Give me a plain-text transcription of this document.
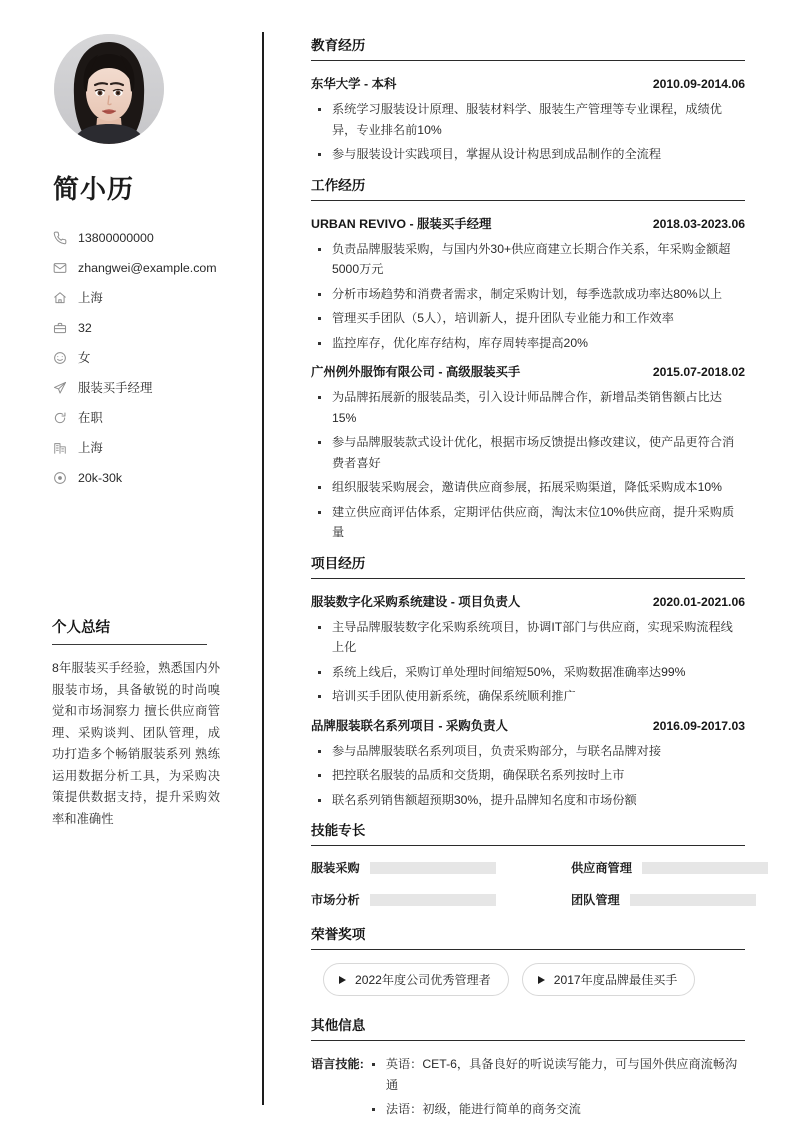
简小历
13800000000
zhangwei@example.com
上海
32
女
服装买手经理
在职
上海
20k-30k
个人总结

8年服装买手经验，熟悉国内外服装市场，具备敏锐的时尚嗅觉和市场洞察力 擅长供应商管理、采购谈判、团队管理，成功打造多个畅销服装系列 熟练运用数据分析工具，为采购决策提供数据支持，提升采购效率和准确性

教育经历
东华大学 - 本科	2010.09-2014.06
系统学习服装设计原理、服装材料学、服装生产管理等专业课程，成绩优异，专业排名前10%
参与服装设计实践项目，掌握从设计构思到成品制作的全流程
工作经历
URBAN REVIVO - 服装买手经理	2018.03-2023.06
负责品牌服装采购，与国内外30+供应商建立长期合作关系，年采购金额超5000万元
分析市场趋势和消费者需求，制定采购计划，每季选款成功率达80%以上
管理买手团队（5人），培训新人，提升团队专业能力和工作效率
监控库存，优化库存结构，库存周转率提高20%
广州例外服饰有限公司 - 高级服装买手	2015.07-2018.02
为品牌拓展新的服装品类，引入设计师品牌合作，新增品类销售额占比达15%
参与品牌服装款式设计优化，根据市场反馈提出修改建议，使产品更符合消费者喜好
组织服装采购展会，邀请供应商参展，拓展采购渠道，降低采购成本10%
建立供应商评估体系，定期评估供应商，淘汰末位10%供应商，提升采购质量
项目经历
服装数字化采购系统建设 - 项目负责人	2020.01-2021.06
主导品牌服装数字化采购系统项目，协调IT部门与供应商，实现采购流程线上化
系统上线后，采购订单处理时间缩短50%，采购数据准确率达99%
培训买手团队使用新系统，确保系统顺利推广
品牌服装联名系列项目 - 采购负责人	2016.09-2017.03
参与品牌服装联名系列项目，负责采购部分，与联名品牌对接
把控联名服装的品质和交货期，确保联名系列按时上市
联名系列销售额超预期30%，提升品牌知名度和市场份额
技能专长
服装采购	供应商管理
市场分析	团队管理
荣誉奖项
2022年度公司优秀管理者	2017年度品牌最佳买手
其他信息
语言技能:	英语：CET-6，具备良好的听说读写能力，可与国外供应商流畅沟通
法语：初级，能进行简单的商务交流
